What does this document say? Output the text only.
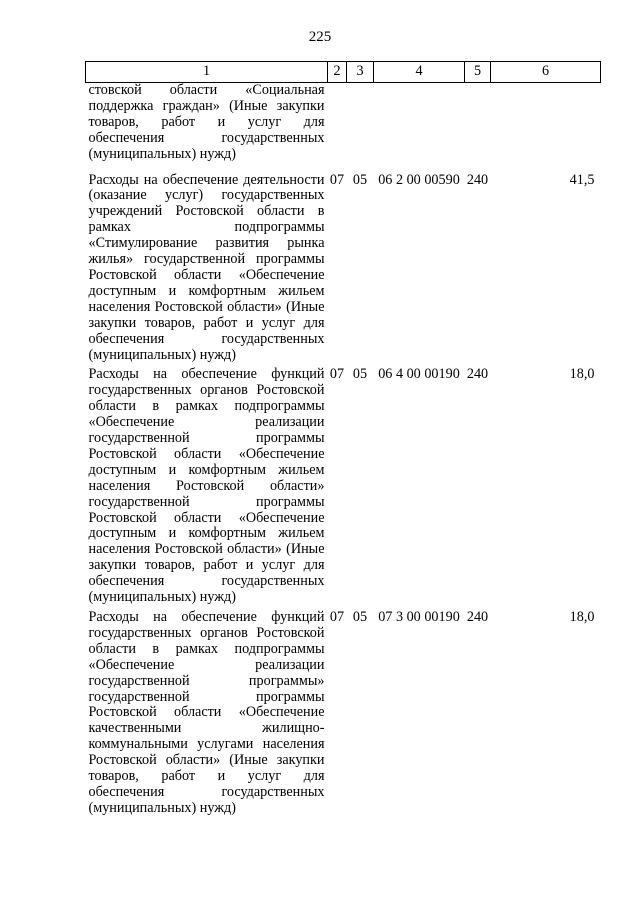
225
1	2	3	4	5	6
стовской области «Социальная поддержка граждан» (Иные закупки товаров, работ и услуг для обеспечения государственных (муниципальных) нужд)					
Расходы на обеспечение деятельности (оказание услуг) государственных учреждений Ростовской области в рамках подпрограммы «Стимулирование развития рынка жилья» государственной программы Ростовской области «Обеспечение доступным и комфортным жильем населения Ростовской области» (Иные закупки товаров, работ и услуг для обеспечения государственных (муниципальных) нужд)	07	05	06 2 00 00590	240	41,5
Расходы на обеспечение функций государственных органов Ростовской области в рамках подпрограммы «Обеспечение реализации государственной программы Ростовской области «Обеспечение доступным и комфортным жильем населения Ростовской области» государственной программы Ростовской области «Обеспечение доступным и комфортным жильем населения Ростовской области» (Иные закупки товаров, работ и услуг для обеспечения государственных (муниципальных) нужд)	07	05	06 4 00 00190	240	18,0
Расходы на обеспечение функций государственных органов Ростовской области в рамках подпрограммы «Обеспечение реализации государственной программы» государственной программы Ростовской области «Обеспечение качественными жилищно-коммунальными услугами населения Ростовской области» (Иные закупки товаров, работ и услуг для обеспечения государственных (муниципальных) нужд)	07	05	07 3 00 00190	240	18,0
